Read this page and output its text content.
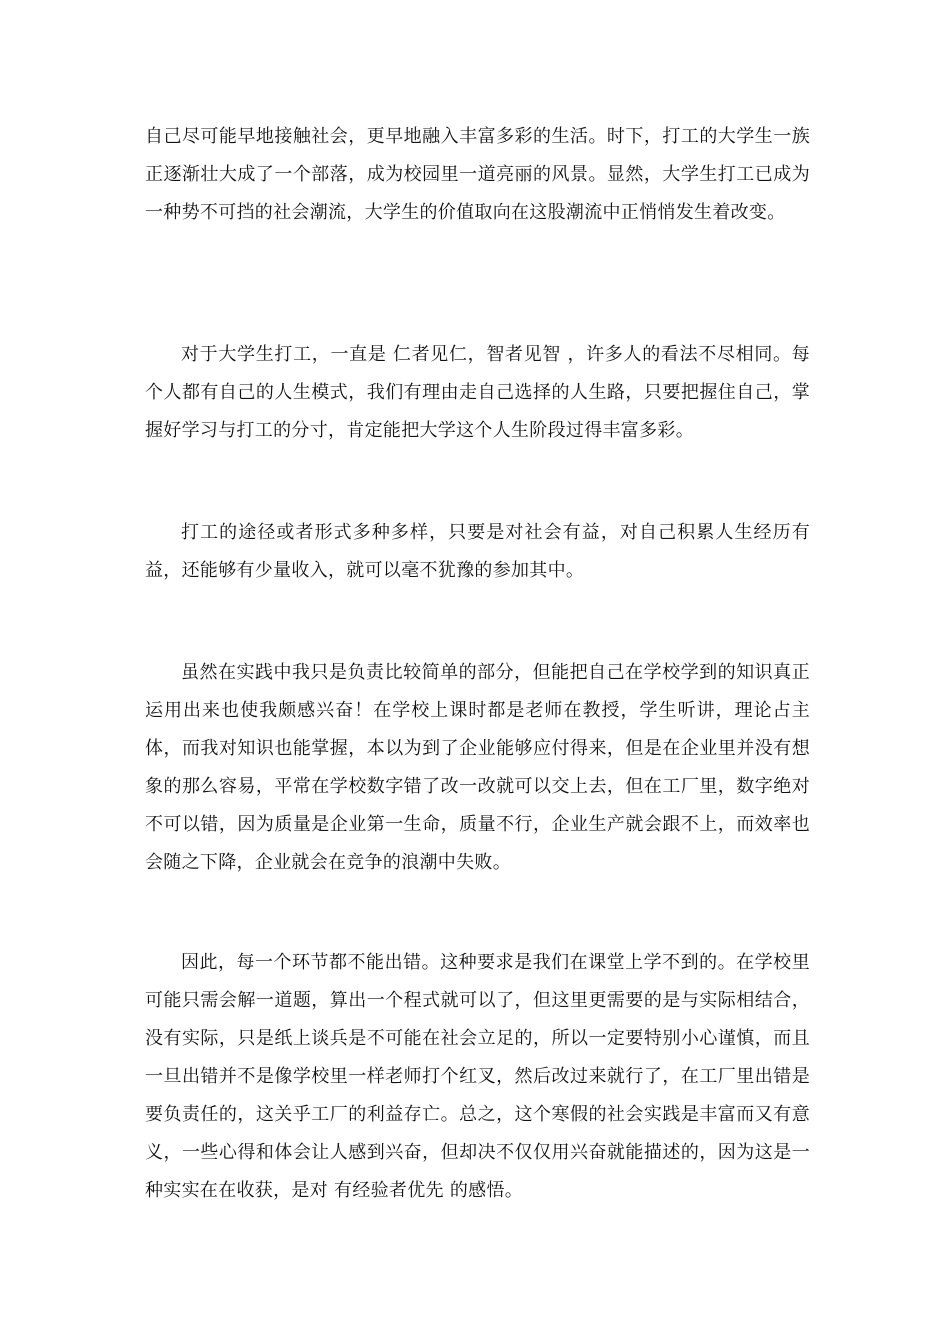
自己尽可能早地接触社会，更早地融入丰富多彩的生活。时下，打工的大学生一族正逐渐壮大成了一个部落，成为校园里一道亮丽的风景。显然，大学生打工已成为一种势不可挡的社会潮流，大学生的价值取向在这股潮流中正悄悄发生着改变。

对于大学生打工，一直是 仁者见仁，智者见智 ，许多人的看法不尽相同。每个人都有自己的人生模式，我们有理由走自己选择的人生路，只要把握住自己，掌握好学习与打工的分寸，肯定能把大学这个人生阶段过得丰富多彩。

打工的途径或者形式多种多样，只要是对社会有益，对自己积累人生经历有益，还能够有少量收入，就可以毫不犹豫的参加其中。

虽然在实践中我只是负责比较简单的部分，但能把自己在学校学到的知识真正运用出来也使我颇感兴奋！在学校上课时都是老师在教授，学生听讲，理论占主体，而我对知识也能掌握，本以为到了企业能够应付得来，但是在企业里并没有想象的那么容易，平常在学校数字错了改一改就可以交上去，但在工厂里，数字绝对不可以错，因为质量是企业第一生命，质量不行，企业生产就会跟不上，而效率也会随之下降，企业就会在竞争的浪潮中失败。

因此，每一个环节都不能出错。这种要求是我们在课堂上学不到的。在学校里可能只需会解一道题，算出一个程式就可以了，但这里更需要的是与实际相结合，没有实际，只是纸上谈兵是不可能在社会立足的，所以一定要特别小心谨慎，而且一旦出错并不是像学校里一样老师打个红叉，然后改过来就行了，在工厂里出错是要负责任的，这关乎工厂的利益存亡。总之，这个寒假的社会实践是丰富而又有意义，一些心得和体会让人感到兴奋，但却决不仅仅用兴奋就能描述的，因为这是一种实实在在收获，是对 有经验者优先 的感悟。
